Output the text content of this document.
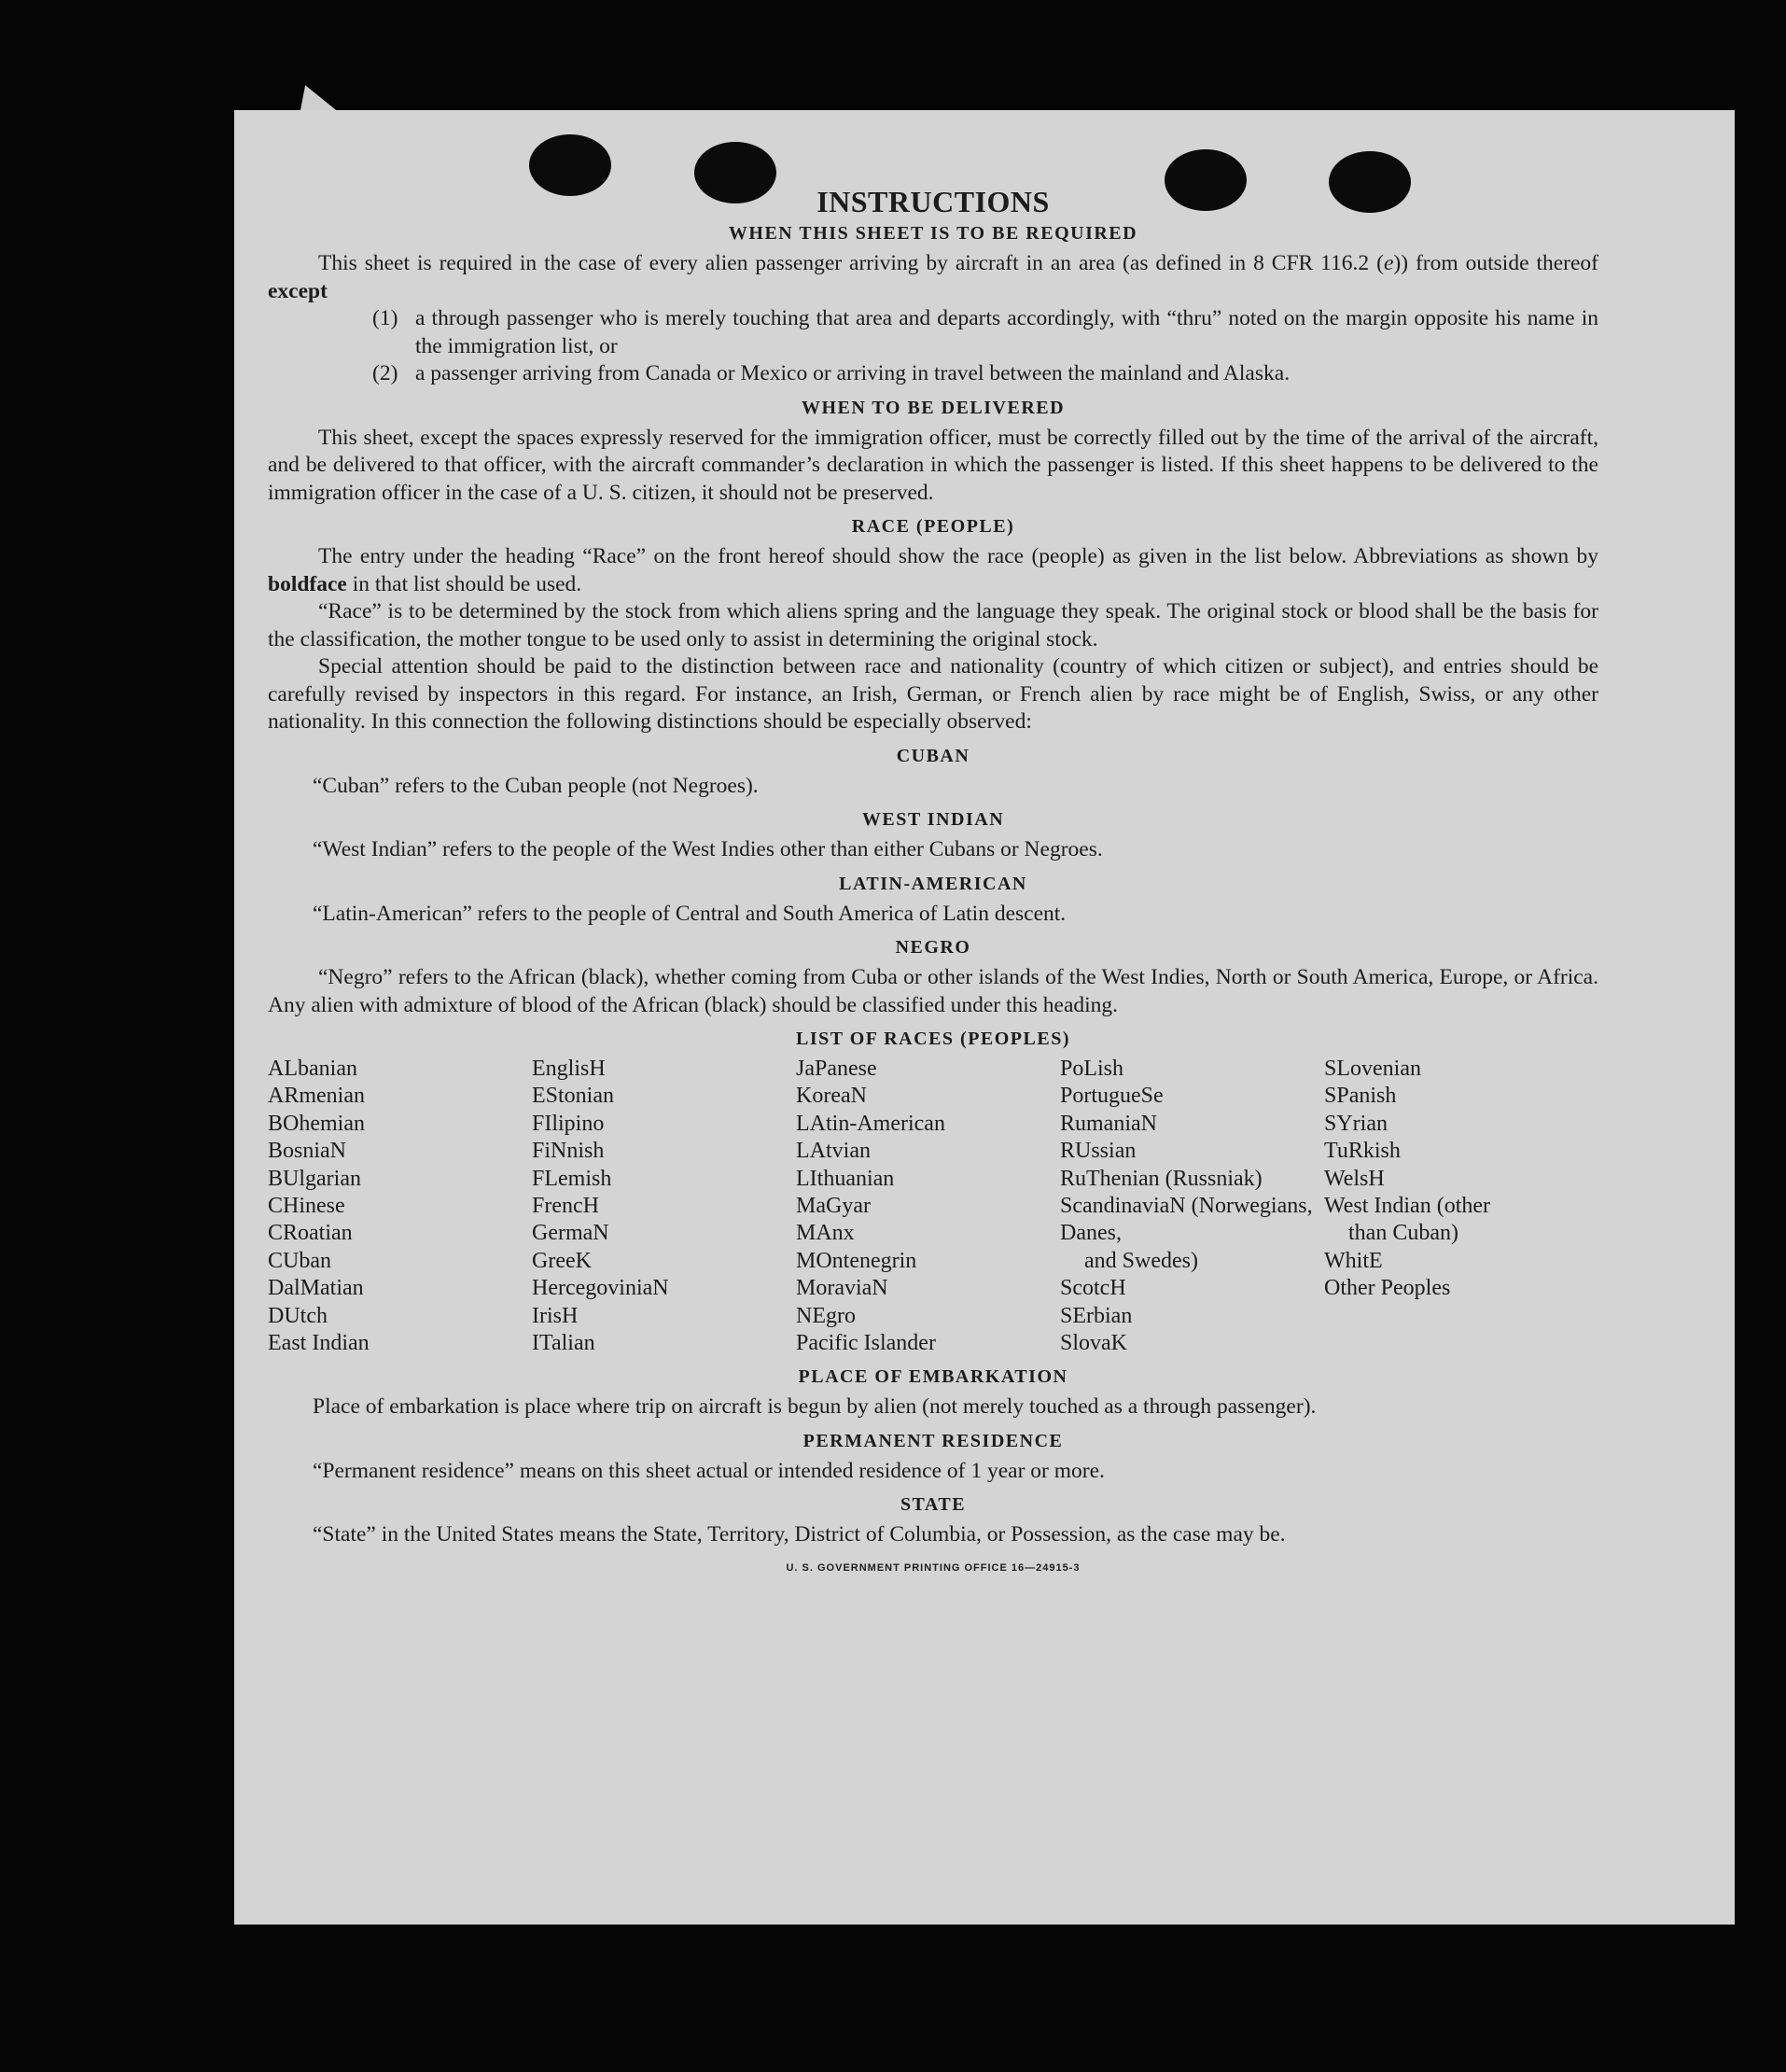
INSTRUCTIONS
WHEN THIS SHEET IS TO BE REQUIRED

This sheet is required in the case of every alien passenger arriving by aircraft in an area (as defined in 8 CFR 116.2 (e)) from outside thereof except

(1) a through passenger who is merely touching that area and departs accordingly, with “thru” noted on the margin opposite his name in the immigration list, or
(2) a passenger arriving from Canada or Mexico or arriving in travel between the mainland and Alaska.
WHEN TO BE DELIVERED

This sheet, except the spaces expressly reserved for the immigration officer, must be correctly filled out by the time of the arrival of the aircraft, and be delivered to that officer, with the aircraft commander’s declaration in which the passenger is listed. If this sheet happens to be delivered to the immigration officer in the case of a U. S. citizen, it should not be preserved.

RACE (PEOPLE)

The entry under the heading “Race” on the front hereof should show the race (people) as given in the list below. Abbreviations as shown by boldface in that list should be used.

“Race” is to be determined by the stock from which aliens spring and the language they speak. The original stock or blood shall be the basis for the classification, the mother tongue to be used only to assist in determining the original stock.

Special attention should be paid to the distinction between race and nationality (country of which citizen or subject), and entries should be carefully revised by inspectors in this regard. For instance, an Irish, German, or French alien by race might be of English, Swiss, or any other nationality. In this connection the following distinctions should be especially observed:

CUBAN

“Cuban” refers to the Cuban people (not Negroes).

WEST INDIAN

“West Indian” refers to the people of the West Indies other than either Cubans or Negroes.

LATIN-AMERICAN

“Latin-American” refers to the people of Central and South America of Latin descent.

NEGRO

“Negro” refers to the African (black), whether coming from Cuba or other islands of the West Indies, North or South America, Europe, or Africa. Any alien with admixture of blood of the African (black) should be classified under this heading.

LIST OF RACES (PEOPLES)
ALbanian
ARmenian
BOhemian
BosniaN
BUlgarian
CHinese
CRoatian
CUban
DalMatian
DUtch
East Indian
EnglisH
EStonian
FIlipino
FiNnish
FLemish
FrencH
GermaN
GreeK
HercegoviniaN
IrisH
ITalian
JaPanese
KoreaN
LAtin-American
LAtvian
LIthuanian
MaGyar
MAnx
MOntenegrin
MoraviaN
NEgro
Pacific Islander
PoLish
PortugueSe
RumaniaN
RUssian
RuThenian (Russniak)
ScandinaviaN (Norwegians, Danes,
and Swedes)
ScotcH
SErbian
SlovaK
SLovenian
SPanish
SYrian
TuRkish
WelsH
West Indian (other
than Cuban)
WhitE
Other Peoples
PLACE OF EMBARKATION

Place of embarkation is place where trip on aircraft is begun by alien (not merely touched as a through passenger).

PERMANENT RESIDENCE

“Permanent residence” means on this sheet actual or intended residence of 1 year or more.

STATE

“State” in the United States means the State, Territory, District of Columbia, or Possession, as the case may be.

U. S. GOVERNMENT PRINTING OFFICE 16—24915-3
